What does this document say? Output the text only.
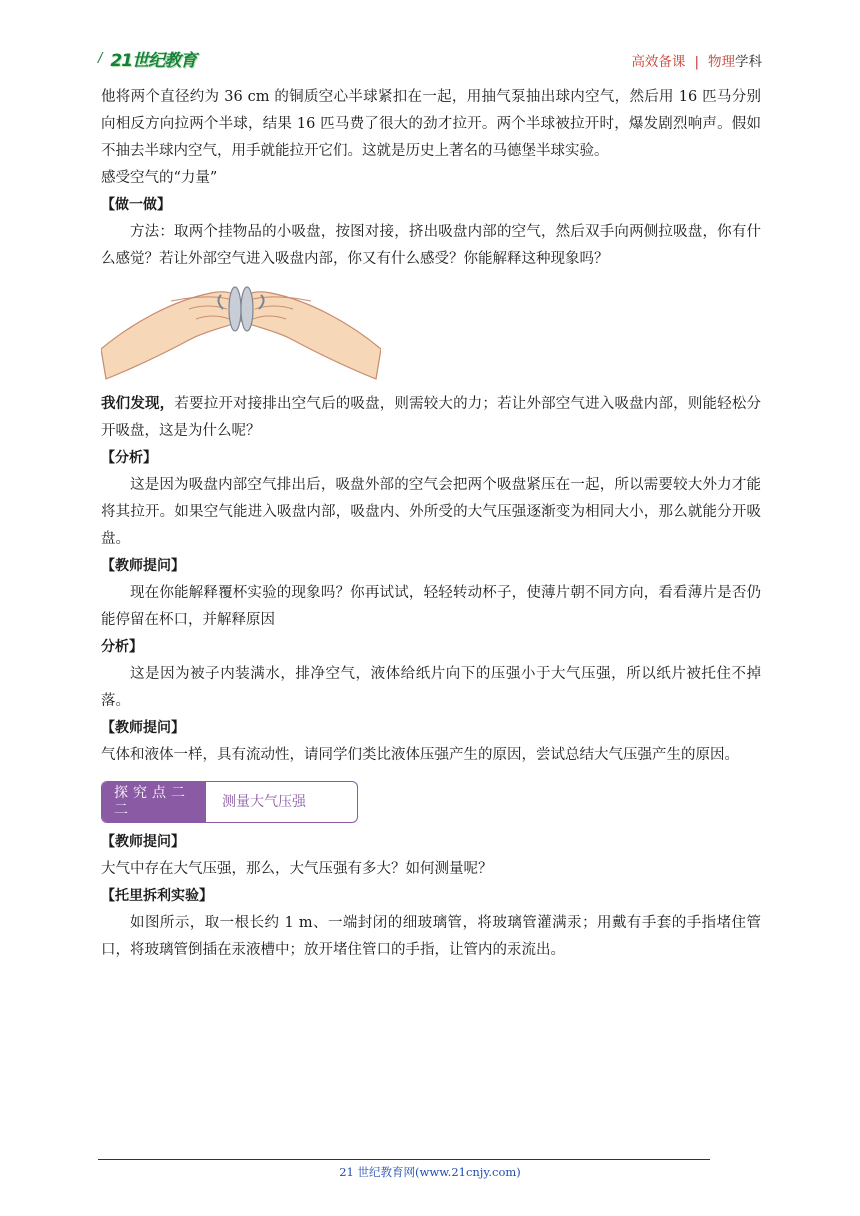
/ 21世纪教育	高效备课 | 物理学科

他将两个直径约为 36 cm 的铜质空心半球紧扣在一起，用抽气泵抽出球内空气，然后用 16 匹马分别向相反方向拉两个半球，结果 16 匹马费了很大的劲才拉开。两个半球被拉开时，爆发剧烈响声。假如不抽去半球内空气，用手就能拉开它们。这就是历史上著名的马德堡半球实验。

感受空气的“力量”

【做一做】

方法：取两个挂物品的小吸盘，按图对接，挤出吸盘内部的空气，然后双手向两侧拉吸盘，你有什么感觉？若让外部空气进入吸盘内部，你又有什么感受？你能解释这种现象吗？

我们发现，若要拉开对接排出空气后的吸盘，则需较大的力；若让外部空气进入吸盘内部，则能轻松分开吸盘，这是为什么呢？

【分析】

这是因为吸盘内部空气排出后，吸盘外部的空气会把两个吸盘紧压在一起，所以需要较大外力才能将其拉开。如果空气能进入吸盘内部，吸盘内、外所受的大气压强逐渐变为相同大小，那么就能分开吸盘。

【教师提问】

现在你能解释覆杯实验的现象吗？你再试试，轻轻转动杯子，使薄片朝不同方向，看看薄片是否仍能停留在杯口，并解释原因

分析】

这是因为被子内装满水，排净空气，液体给纸片向下的压强小于大气压强，所以纸片被托住不掉落。

【教师提问】

气体和液体一样，具有流动性，请同学们类比液体压强产生的原因，尝试总结大气压强产生的原因。

探究点二二	测量大气压强

【教师提问】

大气中存在大气压强，那么，大气压强有多大？如何测量呢？

【托里拆利实验】

如图所示，取一根长约 1 m、一端封闭的细玻璃管，将玻璃管灌满汞；用戴有手套的手指堵住管口，将玻璃管倒插在汞液槽中；放开堵住管口的手指，让管内的汞流出。

21 世纪教育网(www.21cnjy.com)
